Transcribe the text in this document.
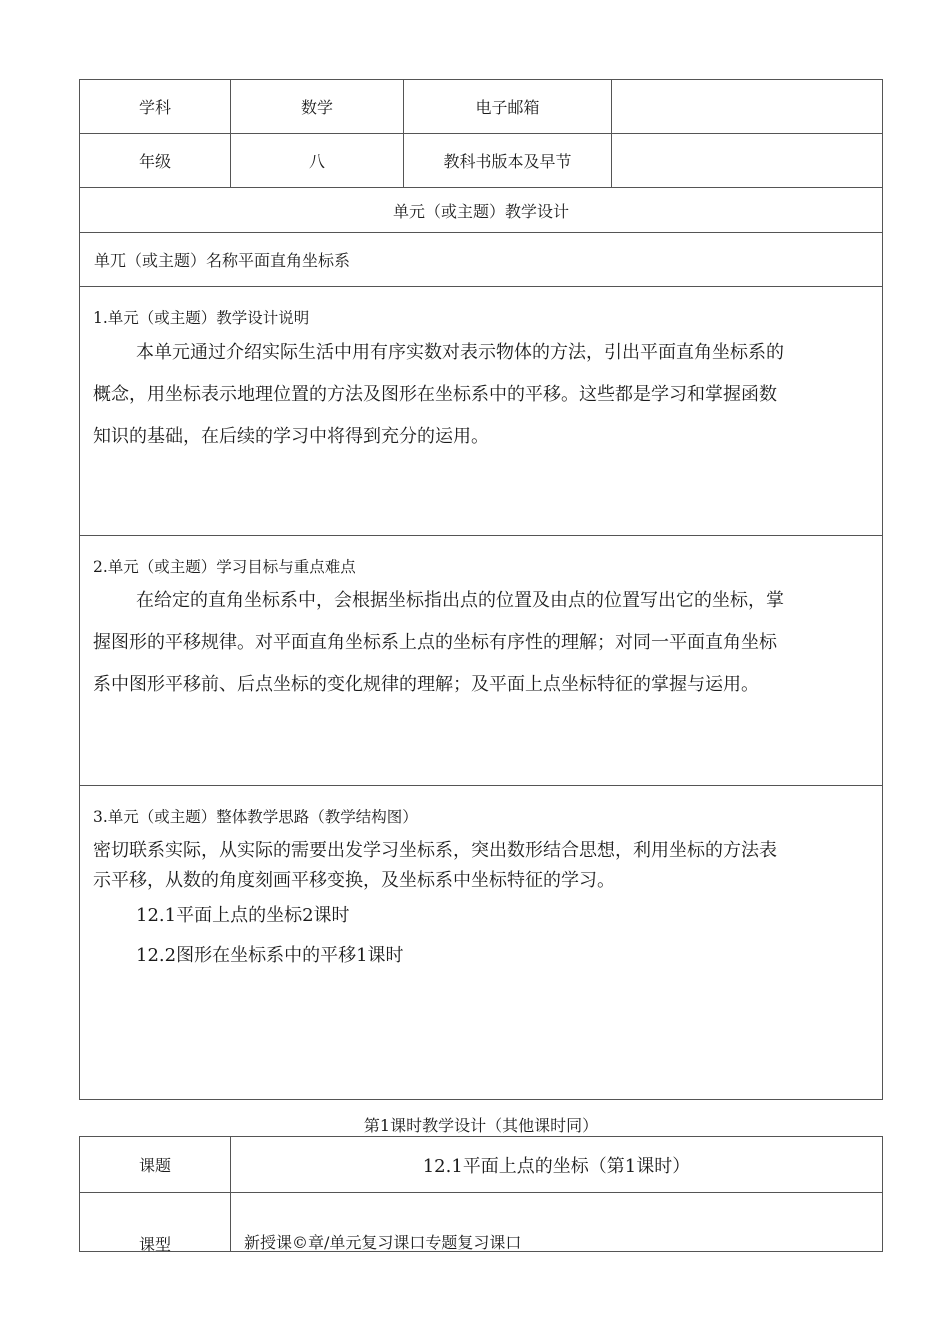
学科	数学	电子邮箱
年级	八	教科书版本及早节
单元（或主题）教学设计
单兀（或主题）名称平面直角坐标系
1.单元（或主题）教学设计说明
本单元通过介绍实际生活中用有序实数对表示物体的方法，引出平面直角坐标系的
概念，用坐标表示地理位置的方法及图形在坐标系中的平移。这些都是学习和掌握函数
知识的基础，在后续的学习中将得到充分的运用。
2.单元（或主题）学习目标与重点难点
在给定的直角坐标系中，会根据坐标指出点的位置及由点的位置写出它的坐标，掌
握图形的平移规律。对平面直角坐标系上点的坐标有序性的理解；对同一平面直角坐标
系中图形平移前、后点坐标的变化规律的理解；及平面上点坐标特征的掌握与运用。
3.单元（或主题）整体教学思路（教学结构图）
密切联系实际，从实际的需要出发学习坐标系，突出数形结合思想，利用坐标的方法表
示平移，从数的角度刻画平移变换，及坐标系中坐标特征的学习。
12.1平面上点的坐标2课时
12.2图形在坐标系中的平移1课时
第1课时教学设计（其他课时同）
课题	12.1平面上点的坐标（第1课时）
课型	新授课©章/单元复习课口专题复习课口
